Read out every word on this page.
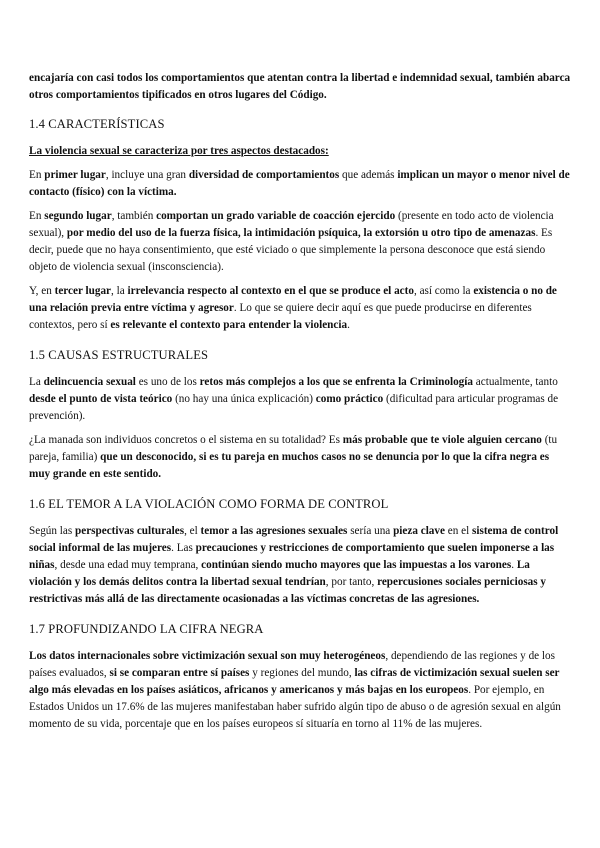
encajaría con casi todos los comportamientos que atentan contra la libertad e indemnidad sexual, también abarca otros comportamientos tipificados en otros lugares del Código.

1.4 CARACTERÍSTICAS

La violencia sexual se caracteriza por tres aspectos destacados:

En primer lugar, incluye una gran diversidad de comportamientos que además implican un mayor o menor nivel de contacto (físico) con la víctima.

En segundo lugar, también comportan un grado variable de coacción ejercido (presente en todo acto de violencia sexual), por medio del uso de la fuerza física, la intimidación psíquica, la extorsión u otro tipo de amenazas. Es decir, puede que no haya consentimiento, que esté viciado o que simplemente la persona desconoce que está siendo objeto de violencia sexual (insconsciencia).

Y, en tercer lugar, la irrelevancia respecto al contexto en el que se produce el acto, así como la existencia o no de una relación previa entre víctima y agresor. Lo que se quiere decir aquí es que puede producirse en diferentes contextos, pero sí es relevante el contexto para entender la violencia.

1.5 CAUSAS ESTRUCTURALES

La delincuencia sexual es uno de los retos más complejos a los que se enfrenta la Criminología actualmente, tanto desde el punto de vista teórico (no hay una única explicación) como práctico (dificultad para articular programas de prevención).

¿La manada son individuos concretos o el sistema en su totalidad? Es más probable que te viole alguien cercano (tu pareja, familia) que un desconocido, si es tu pareja en muchos casos no se denuncia por lo que la cifra negra es muy grande en este sentido.

1.6 EL TEMOR A LA VIOLACIÓN COMO FORMA DE CONTROL

Según las perspectivas culturales, el temor a las agresiones sexuales sería una pieza clave en el sistema de control social informal de las mujeres. Las precauciones y restricciones de comportamiento que suelen imponerse a las niñas, desde una edad muy temprana, continúan siendo mucho mayores que las impuestas a los varones. La violación y los demás delitos contra la libertad sexual tendrían, por tanto, repercusiones sociales perniciosas y restrictivas más allá de las directamente ocasionadas a las víctimas concretas de las agresiones.

1.7 PROFUNDIZANDO LA CIFRA NEGRA

Los datos internacionales sobre victimización sexual son muy heterogéneos, dependiendo de las regiones y de los países evaluados, si se comparan entre sí países y regiones del mundo, las cifras de victimización sexual suelen ser algo más elevadas en los países asiáticos, africanos y americanos y más bajas en los europeos. Por ejemplo, en Estados Unidos un 17.6% de las mujeres manifestaban haber sufrido algún tipo de abuso o de agresión sexual en algún momento de su vida, porcentaje que en los países europeos sí situaría en torno al 11% de las mujeres.
